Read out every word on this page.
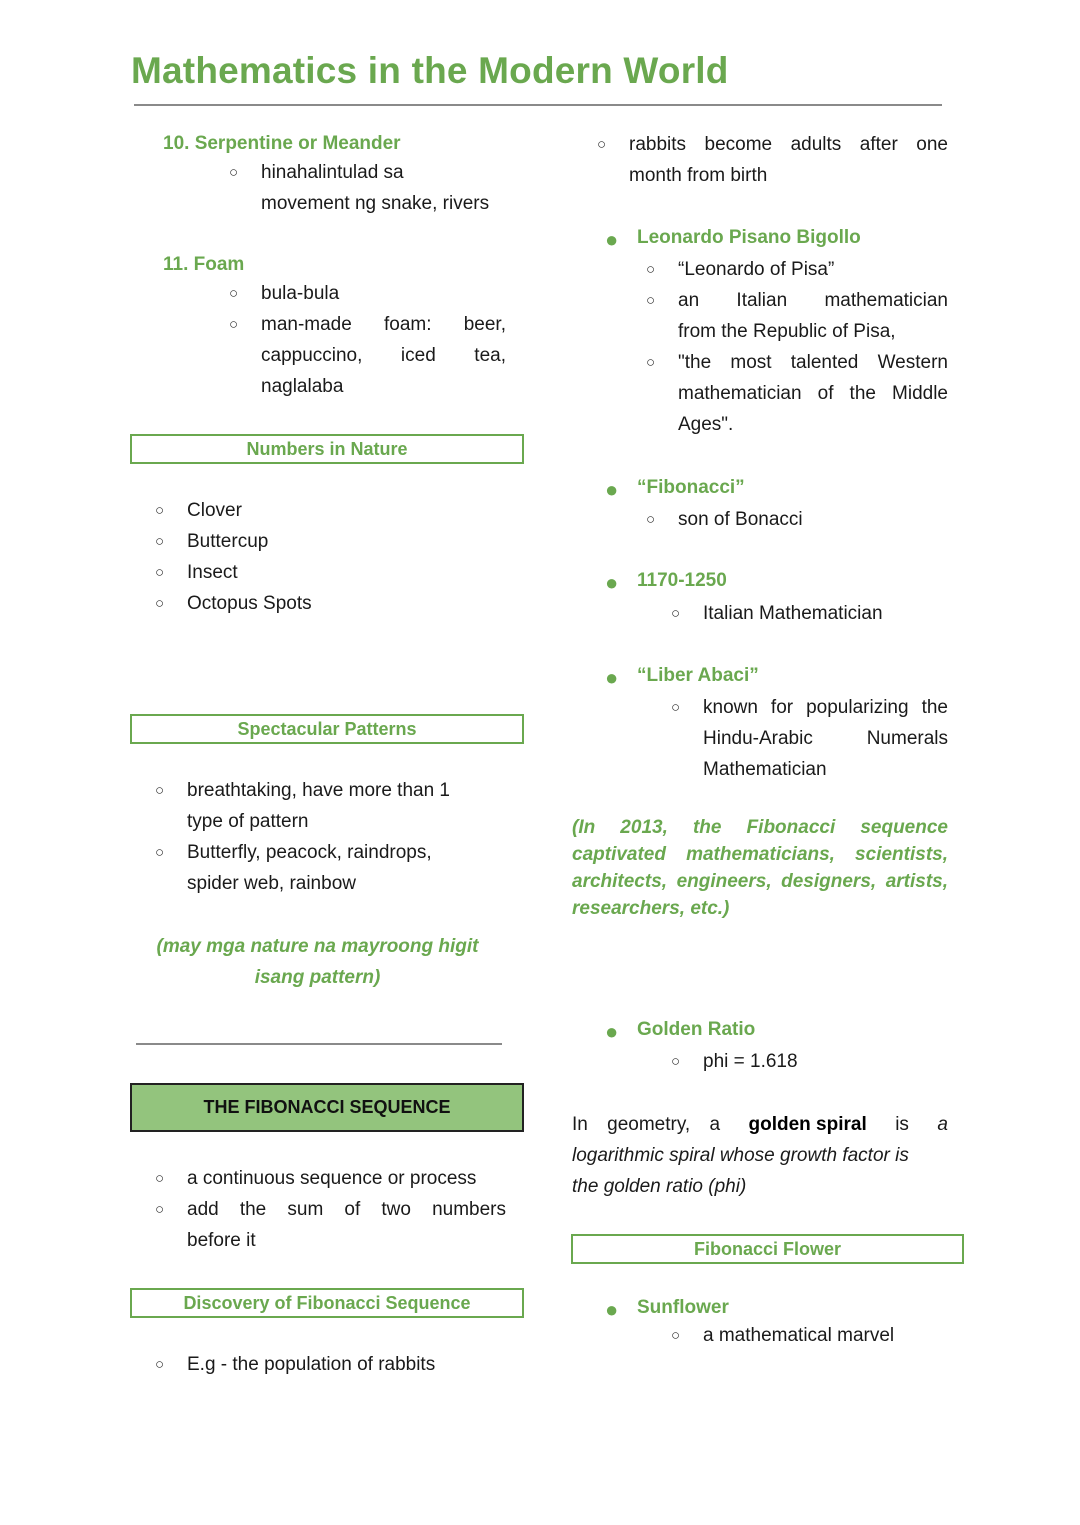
Mathematics in the Modern World
10. Serpentine or Meander
○ hinahalintulad sa
movement ng snake, rivers
11. Foam
○ bula-bula
○ man-made foam: beer,
cappuccino, iced tea,
naglalaba
Numbers in Nature
○ Clover
○ Buttercup
○ Insect
○ Octopus Spots
Spectacular Patterns
○ breathtaking, have more than 1
type of pattern
○ Butterfly, peacock, raindrops,
spider web, rainbow
(may mga nature na mayroong higit
isang pattern)
THE FIBONACCI SEQUENCE
○ a continuous sequence or process
○ add the sum of two numbers
before it
Discovery of Fibonacci Sequence
○ E.g - the population of rabbits
○ rabbits become adults after one
month from birth
● Leonardo Pisano Bigollo
○ “Leonardo of Pisa”
○ an Italian mathematician
from the Republic of Pisa,
○ "the most talented Western
mathematician of the Middle
Ages".
● “Fibonacci”
○ son of Bonacci
● 1170-1250
○ Italian Mathematician
● “Liber Abaci”
○ known for popularizing the
Hindu-Arabic Numerals
Mathematician
(In 2013, the Fibonacci sequence
captivated mathematicians, scientists,
architects, engineers, designers, artists,
researchers, etc.)
● Golden Ratio
○ phi = 1.618
In geometry, a golden spiral is a
logarithmic spiral whose growth factor is
the golden ratio (phi)
Fibonacci Flower
● Sunflower
○ a mathematical marvel
